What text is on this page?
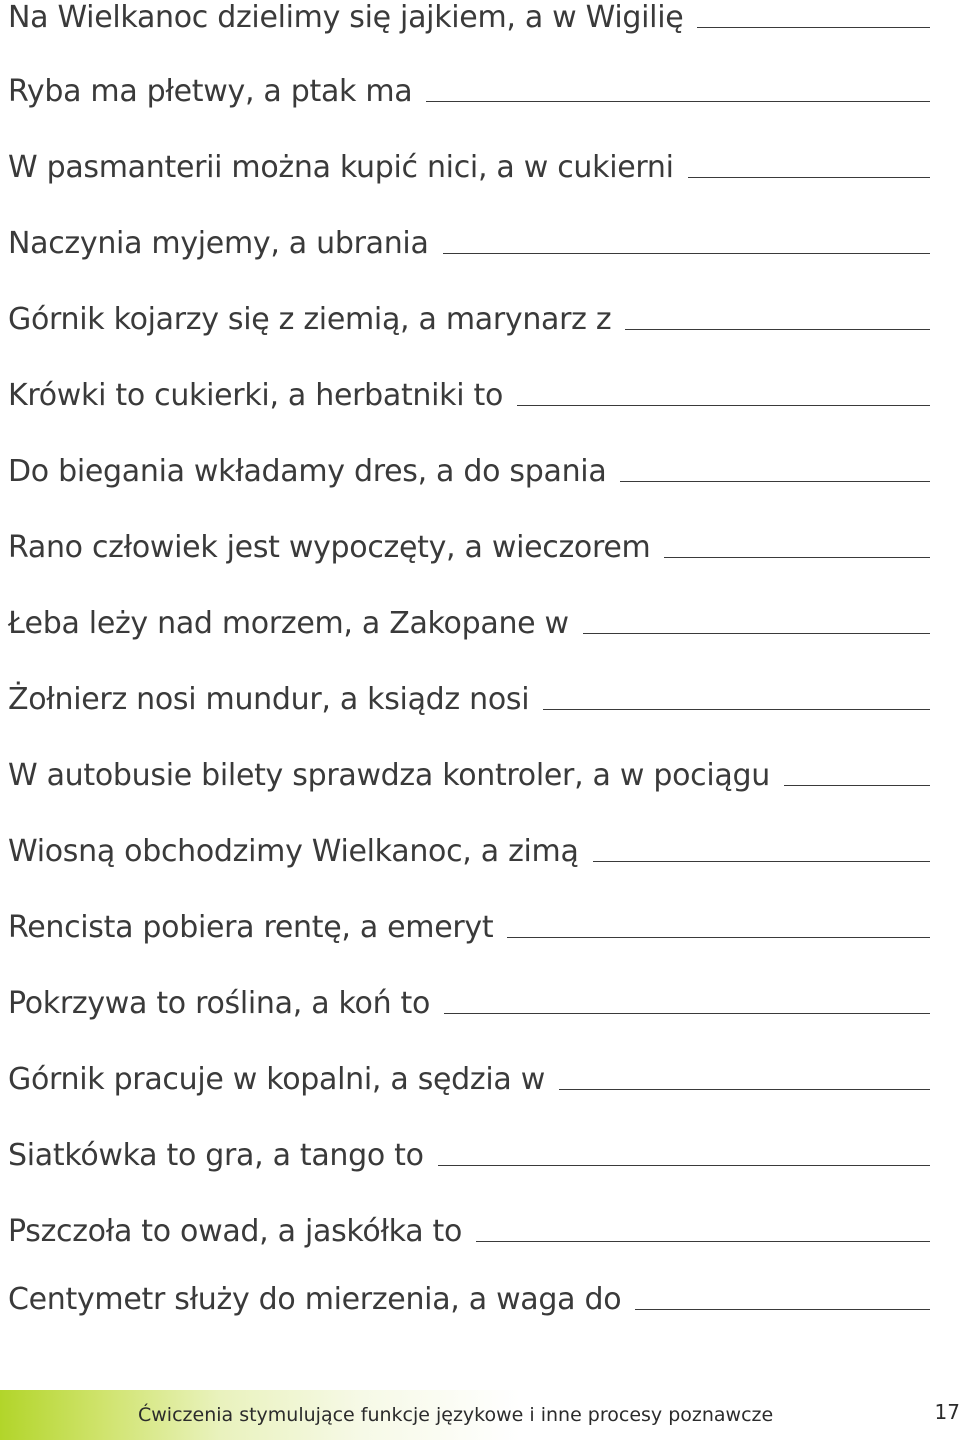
Na Wielkanoc dzielimy się jajkiem, a w Wigilię
Ryba ma płetwy, a ptak ma
W pasmanterii można kupić nici, a w cukierni
Naczynia myjemy, a ubrania
Górnik kojarzy się z ziemią, a marynarz z
Krówki to cukierki, a herbatniki to
Do biegania wkładamy dres, a do spania
Rano człowiek jest wypoczęty, a wieczorem
Łeba leży nad morzem, a Zakopane w
Żołnierz nosi mundur, a ksiądz nosi
W autobusie bilety sprawdza kontroler, a w pociągu
Wiosną obchodzimy Wielkanoc, a zimą
Rencista pobiera rentę, a emeryt
Pokrzywa to roślina, a koń to
Górnik pracuje w kopalni, a sędzia w
Siatkówka to gra, a tango to
Pszczoła to owad, a jaskółka to
Centymetr służy do mierzenia, a waga do
Ćwiczenia stymulujące funkcje językowe i inne procesy poznawcze	17
